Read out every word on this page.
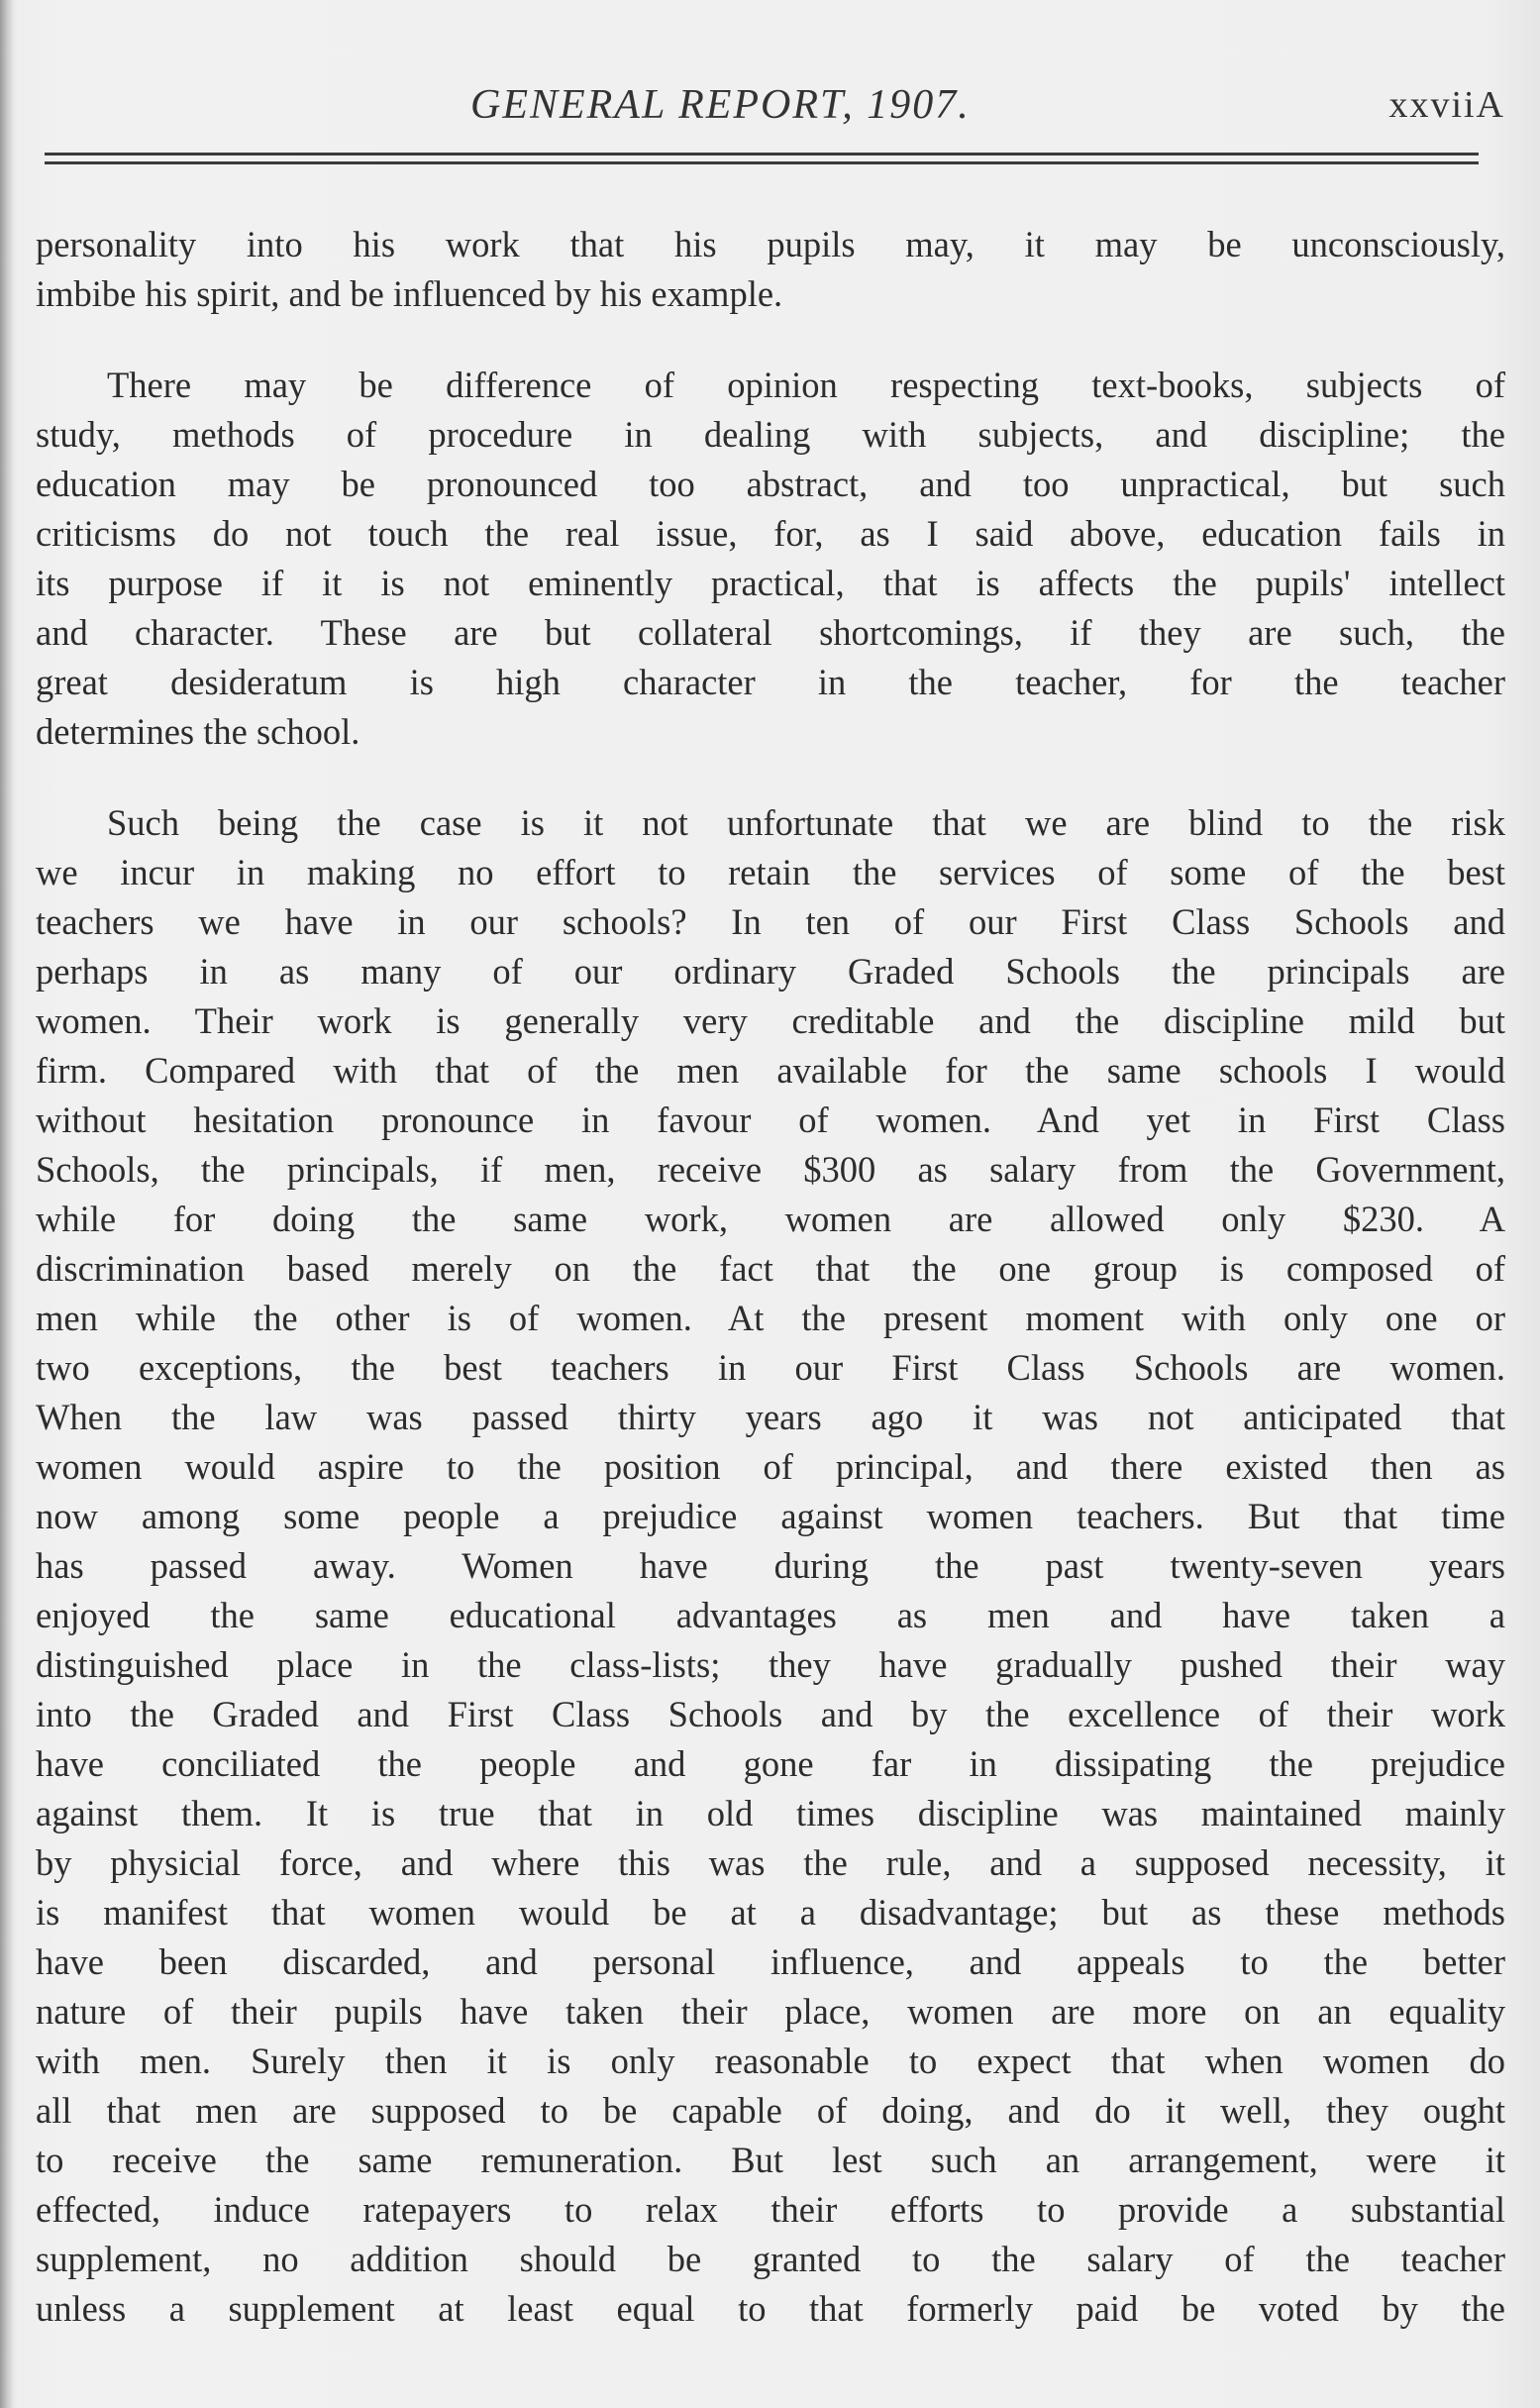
GENERAL REPORT, 1907.	xxviiA
personality into his work that his pupils may, it may be unconsciously,
imbibe his spirit, and be influenced by his example.
There may be difference of opinion respecting text-books, subjects of
study, methods of procedure in dealing with subjects, and discipline; the
education may be pronounced too abstract, and too unpractical, but such
criticisms do not touch the real issue, for, as I said above, education fails in
its purpose if it is not eminently practical, that is affects the pupils' intellect
and character. These are but collateral shortcomings, if they are such, the
great desideratum is high character in the teacher, for the teacher
determines the school.
Such being the case is it not unfortunate that we are blind to the risk
we incur in making no effort to retain the services of some of the best
teachers we have in our schools? In ten of our First Class Schools and
perhaps in as many of our ordinary Graded Schools the principals are
women. Their work is generally very creditable and the discipline mild but
firm. Compared with that of the men available for the same schools I would
without hesitation pronounce in favour of women. And yet in First Class
Schools, the principals, if men, receive $300 as salary from the Government,
while for doing the same work, women are allowed only $230. A
discrimination based merely on the fact that the one group is composed of
men while the other is of women. At the present moment with only one or
two exceptions, the best teachers in our First Class Schools are women.
When the law was passed thirty years ago it was not anticipated that
women would aspire to the position of principal, and there existed then as
now among some people a prejudice against women teachers. But that time
has passed away. Women have during the past twenty-seven years
enjoyed the same educational advantages as men and have taken a
distinguished place in the class-lists; they have gradually pushed their way
into the Graded and First Class Schools and by the excellence of their work
have conciliated the people and gone far in dissipating the prejudice
against them. It is true that in old times discipline was maintained mainly
by physicial force, and where this was the rule, and a supposed necessity, it
is manifest that women would be at a disadvantage; but as these methods
have been discarded, and personal influence, and appeals to the better
nature of their pupils have taken their place, women are more on an equality
with men. Surely then it is only reasonable to expect that when women do
all that men are supposed to be capable of doing, and do it well, they ought
to receive the same remuneration. But lest such an arrangement, were it
effected, induce ratepayers to relax their efforts to provide a substantial
supplement, no addition should be granted to the salary of the teacher
unless a supplement at least equal to that formerly paid be voted by the
